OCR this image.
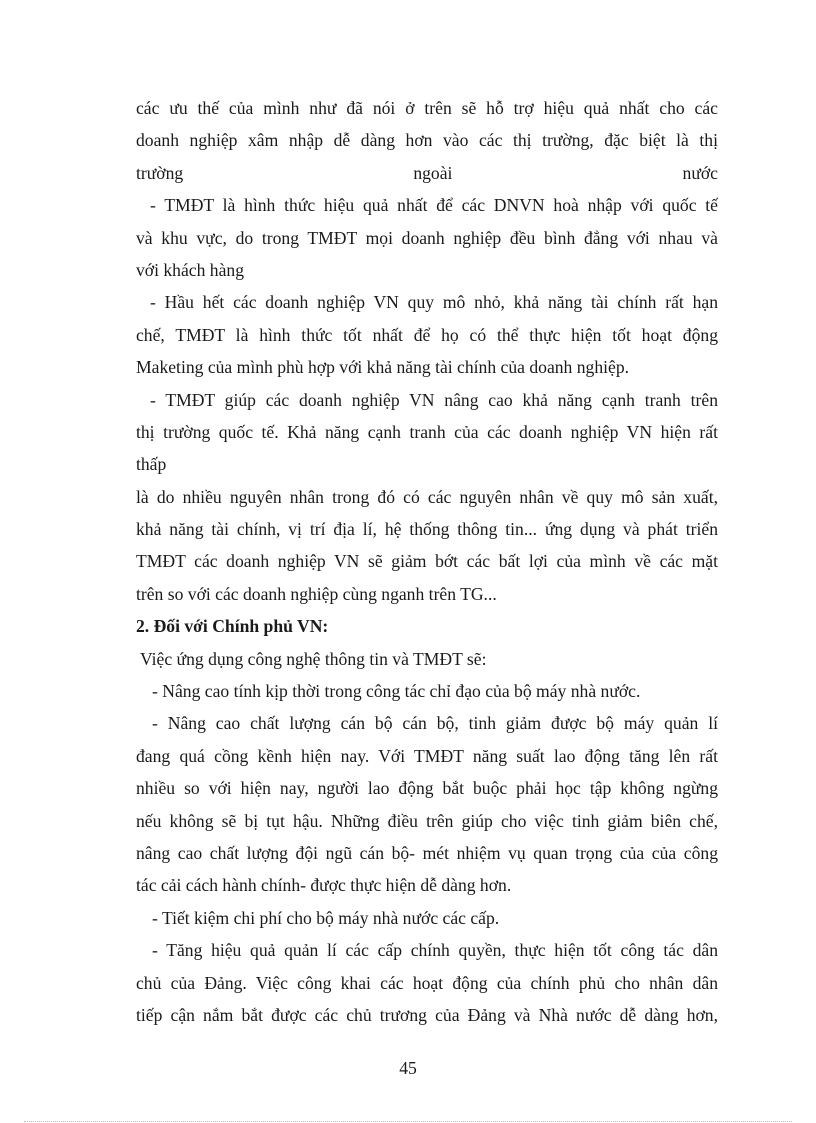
các ưu thế của mình như đã nói ở trên sẽ hỗ trợ hiệu quả nhất cho các
doanh nghiệp xâm nhập dễ dàng hơn vào các thị trường, đặc biệt là thị
trường ngoài nước
- TMĐT là hình thức hiệu quả nhất để các DNVN hoà nhập với quốc tế
và khu vực, do trong TMĐT mọi doanh nghiệp đều bình đẳng với nhau và
với khách hàng
- Hầu hết các doanh nghiệp VN quy mô nhỏ, khả năng tài chính rất hạn
chế, TMĐT là hình thức tốt nhất để họ có thể thực hiện tốt hoạt động
Maketing của mình phù hợp với khả năng tài chính của doanh nghiệp.
- TMĐT giúp các doanh nghiệp VN nâng cao khả năng cạnh tranh trên
thị trường quốc tế. Khả năng cạnh tranh của các doanh nghiệp VN hiện rất
thấp
là do nhiều nguyên nhân trong đó có các nguyên nhân về quy mô sản xuất,
khả năng tài chính, vị trí địa lí, hệ thống thông tin... ứng dụng và phát triển
TMĐT các doanh nghiệp VN sẽ giảm bớt các bất lợi của mình về các mặt
trên so với các doanh nghiệp cùng nganh trên TG...
2. Đối với Chính phủ VN:
Việc ứng dụng công nghệ thông tin và TMĐT sẽ:
- Nâng cao tính kịp thời trong công tác chỉ đạo của bộ máy nhà nước.
- Nâng cao chất lượng cán bộ cán bộ, tinh giảm được bộ máy quản lí
đang quá cồng kềnh hiện nay. Với TMĐT năng suất lao động tăng lên rất
nhiều so với hiện nay, người lao động bắt buộc phải học tập không ngừng
nếu không sẽ bị tụt hậu. Những điều trên giúp cho việc tinh giảm biên chế,
nâng cao chất lượng đội ngũ cán bộ- mét nhiệm vụ quan trọng của của công
tác cải cách hành chính- được thực hiện dễ dàng hơn.
- Tiết kiệm chi phí cho bộ máy nhà nước các cấp.
- Tăng hiệu quả quản lí các cấp chính quyền, thực hiện tốt công tác dân
chủ của Đảng. Việc công khai các hoạt động của chính phủ cho nhân dân
tiếp cận nắm bắt được các chủ trương của Đảng và Nhà nước dễ dàng hơn,
45
